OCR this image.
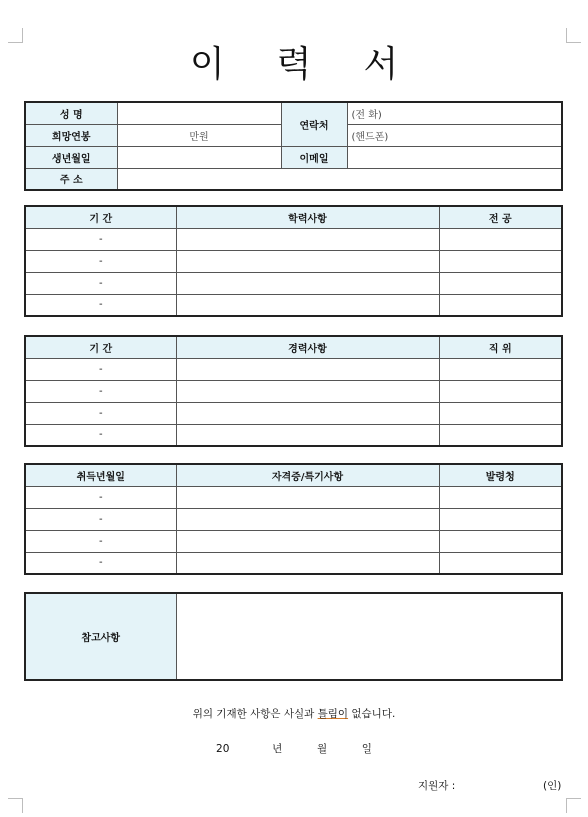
이력서
성 명		연락처	(전 화)
희망연봉	만원		(핸드폰)
생년월일		이메일	
주 소			
기 간	학력사항	전 공
-		
-		
-		
-		
기 간	경력사항	직 위
-		
-		
-		
-		
취득년월일	자격증/특기사항	발령청
-		
-		
-		
-		
참고사항	
위의 기재한 사항은 사실과 틀림이 없습니다.
20	년	월	일
지원자 :	(인)
